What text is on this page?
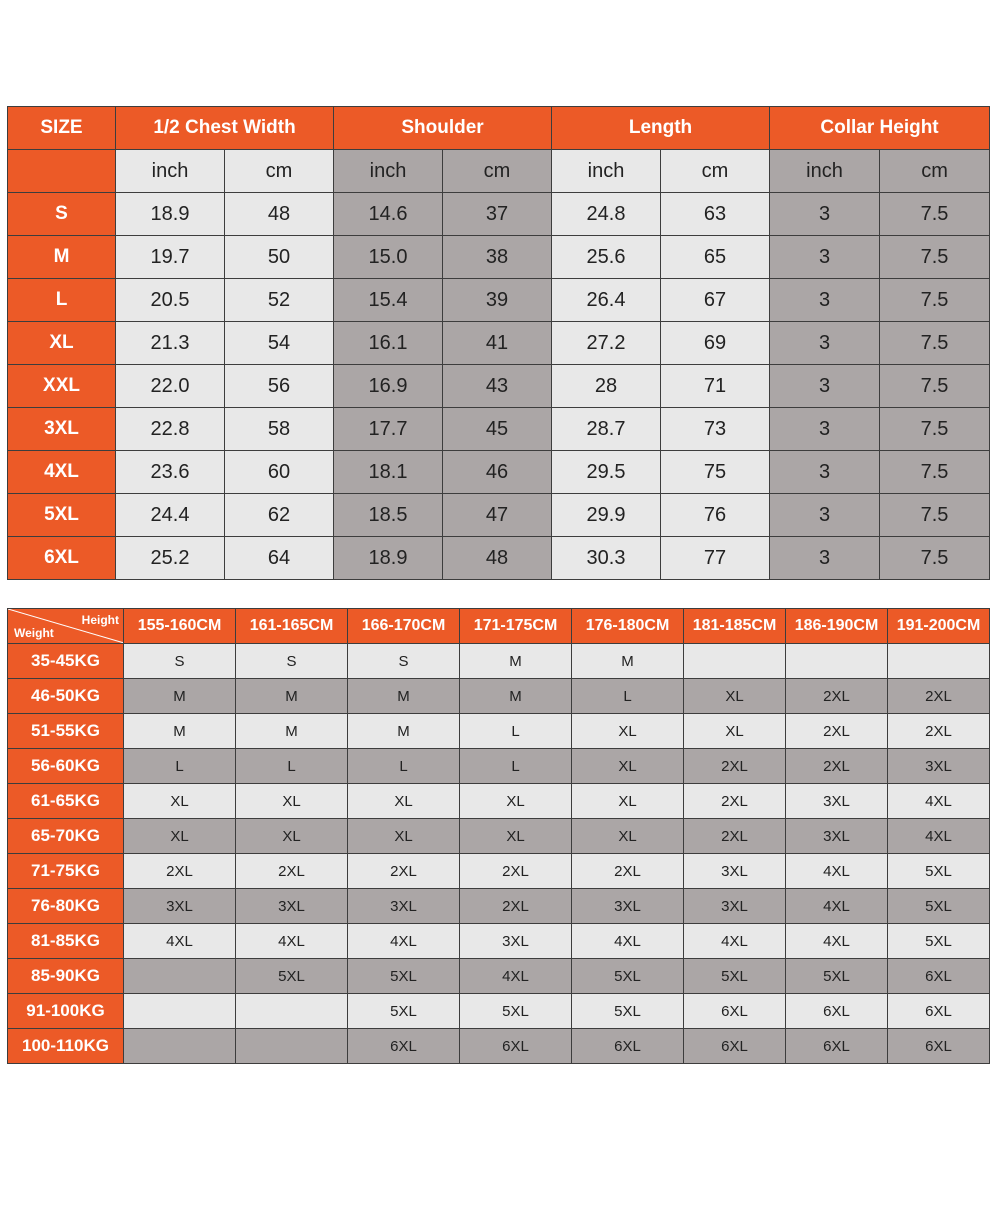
SIZE	1/2 Chest Width		Shoulder		Length		Collar Height	
	inch	cm	inch	cm	inch	cm	inch	cm
S	18.9	48	14.6	37	24.8	63	3	7.5
M	19.7	50	15.0	38	25.6	65	3	7.5
L	20.5	52	15.4	39	26.4	67	3	7.5
XL	21.3	54	16.1	41	27.2	69	3	7.5
XXL	22.0	56	16.9	43	28	71	3	7.5
3XL	22.8	58	17.7	45	28.7	73	3	7.5
4XL	23.6	60	18.1	46	29.5	75	3	7.5
5XL	24.4	62	18.5	47	29.9	76	3	7.5
6XL	25.2	64	18.9	48	30.3	77	3	7.5
Height
Weight	155-160CM	161-165CM	166-170CM	171-175CM	176-180CM	181-185CM	186-190CM	191-200CM
35-45KG	S	S	S	M	M			
46-50KG	M	M	M	M	L	XL	2XL	2XL
51-55KG	M	M	M	L	XL	XL	2XL	2XL
56-60KG	L	L	L	L	XL	2XL	2XL	3XL
61-65KG	XL	XL	XL	XL	XL	2XL	3XL	4XL
65-70KG	XL	XL	XL	XL	XL	2XL	3XL	4XL
71-75KG	2XL	2XL	2XL	2XL	2XL	3XL	4XL	5XL
76-80KG	3XL	3XL	3XL	2XL	3XL	3XL	4XL	5XL
81-85KG	4XL	4XL	4XL	3XL	4XL	4XL	4XL	5XL
85-90KG		5XL	5XL	4XL	5XL	5XL	5XL	6XL
91-100KG			5XL	5XL	5XL	6XL	6XL	6XL
100-110KG			6XL	6XL	6XL	6XL	6XL	6XL
